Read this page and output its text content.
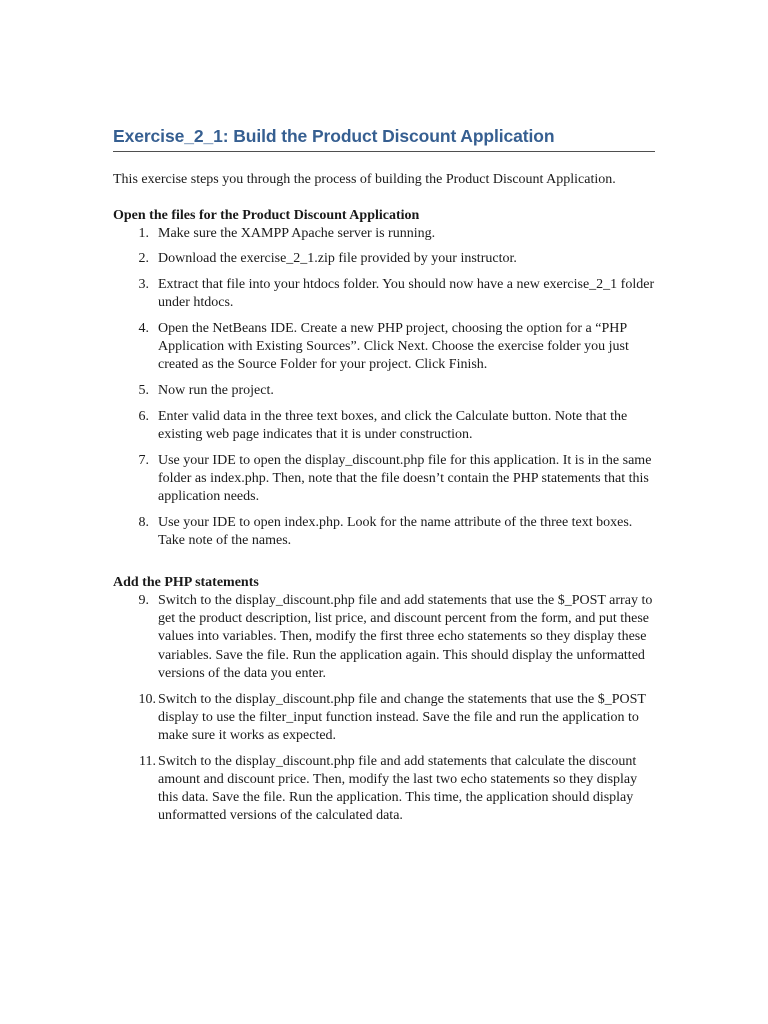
Exercise_2_1: Build the Product Discount Application

This exercise steps you through the process of building the Product Discount Application.

Open the files for the Product Discount Application

1. Make sure the XAMPP Apache server is running.
2. Download the exercise_2_1.zip file provided by your instructor.
3. Extract that file into your htdocs folder. You should now have a new exercise_2_1 folder under htdocs.
4. Open the NetBeans IDE. Create a new PHP project, choosing the option for a “PHP Application with Existing Sources”. Click Next. Choose the exercise folder you just created as the Source Folder for your project. Click Finish.
5. Now run the project.
6. Enter valid data in the three text boxes, and click the Calculate button. Note that the existing web page indicates that it is under construction.
7. Use your IDE to open the display_discount.php file for this application. It is in the same folder as index.php. Then, note that the file doesn’t contain the PHP statements that this application needs.
8. Use your IDE to open index.php. Look for the name attribute of the three text boxes. Take note of the names.

Add the PHP statements

9. Switch to the display_discount.php file and add statements that use the $_POST array to get the product description, list price, and discount percent from the form, and put these values into variables. Then, modify the first three echo statements so they display these variables. Save the file. Run the application again. This should display the unformatted versions of the data you enter.
10. Switch to the display_discount.php file and change the statements that use the $_POST display to use the filter_input function instead. Save the file and run the application to make sure it works as expected.
11. Switch to the display_discount.php file and add statements that calculate the discount amount and discount price. Then, modify the last two echo statements so they display this data. Save the file. Run the application. This time, the application should display unformatted versions of the calculated data.
